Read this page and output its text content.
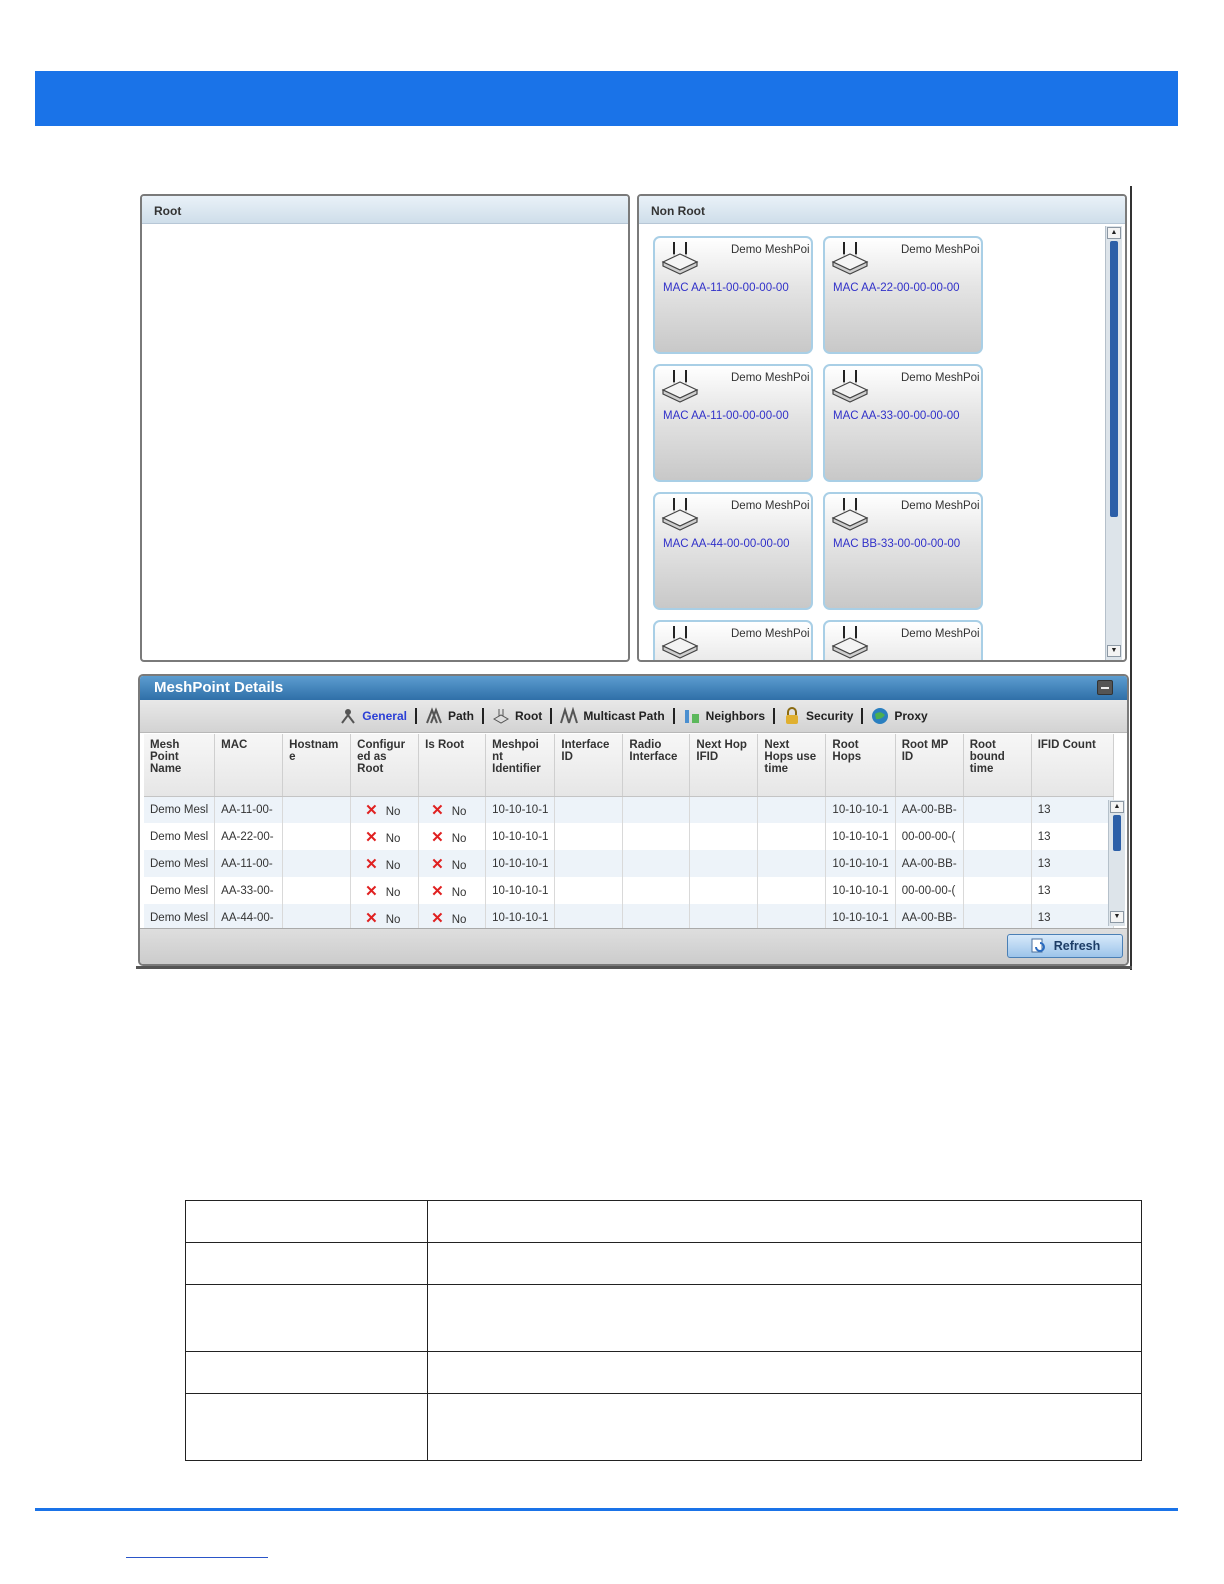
Root	Non Root
Demo MeshPoi
MAC AA-11-00-00-00-00
Demo MeshPoi
MAC AA-22-00-00-00-00
Demo MeshPoi
MAC AA-11-00-00-00-00
Demo MeshPoi
MAC AA-33-00-00-00-00
Demo MeshPoi
MAC AA-44-00-00-00-00
Demo MeshPoi
MAC BB-33-00-00-00-00
Demo MeshPoi	Demo MeshPoi
▲
▼
MeshPoint Details
General	Path	Root	Multicast Path	Neighbors	Security	Proxy
Mesh Point Name	MAC	Hostnam e	Configur ed as Root	Is Root	Meshpoi nt Identifier	Interface ID	Radio Interface	Next Hop IFID	Next Hops use time	Root Hops	Root MP ID	Root bound time	IFID Count
Demo Mesl	AA-11-00-		✕ No	✕ No	10-10-10-1					10-10-10-1	AA-00-BB-		13
Demo Mesl	AA-22-00-		✕ No	✕ No	10-10-10-1					10-10-10-1	00-00-00-(		13
Demo Mesl	AA-11-00-		✕ No	✕ No	10-10-10-1					10-10-10-1	AA-00-BB-		13
Demo Mesl	AA-33-00-		✕ No	✕ No	10-10-10-1					10-10-10-1	00-00-00-(		13
Demo Mesl	AA-44-00-		✕ No	✕ No	10-10-10-1					10-10-10-1	AA-00-BB-		13
▲
▼
Refresh
